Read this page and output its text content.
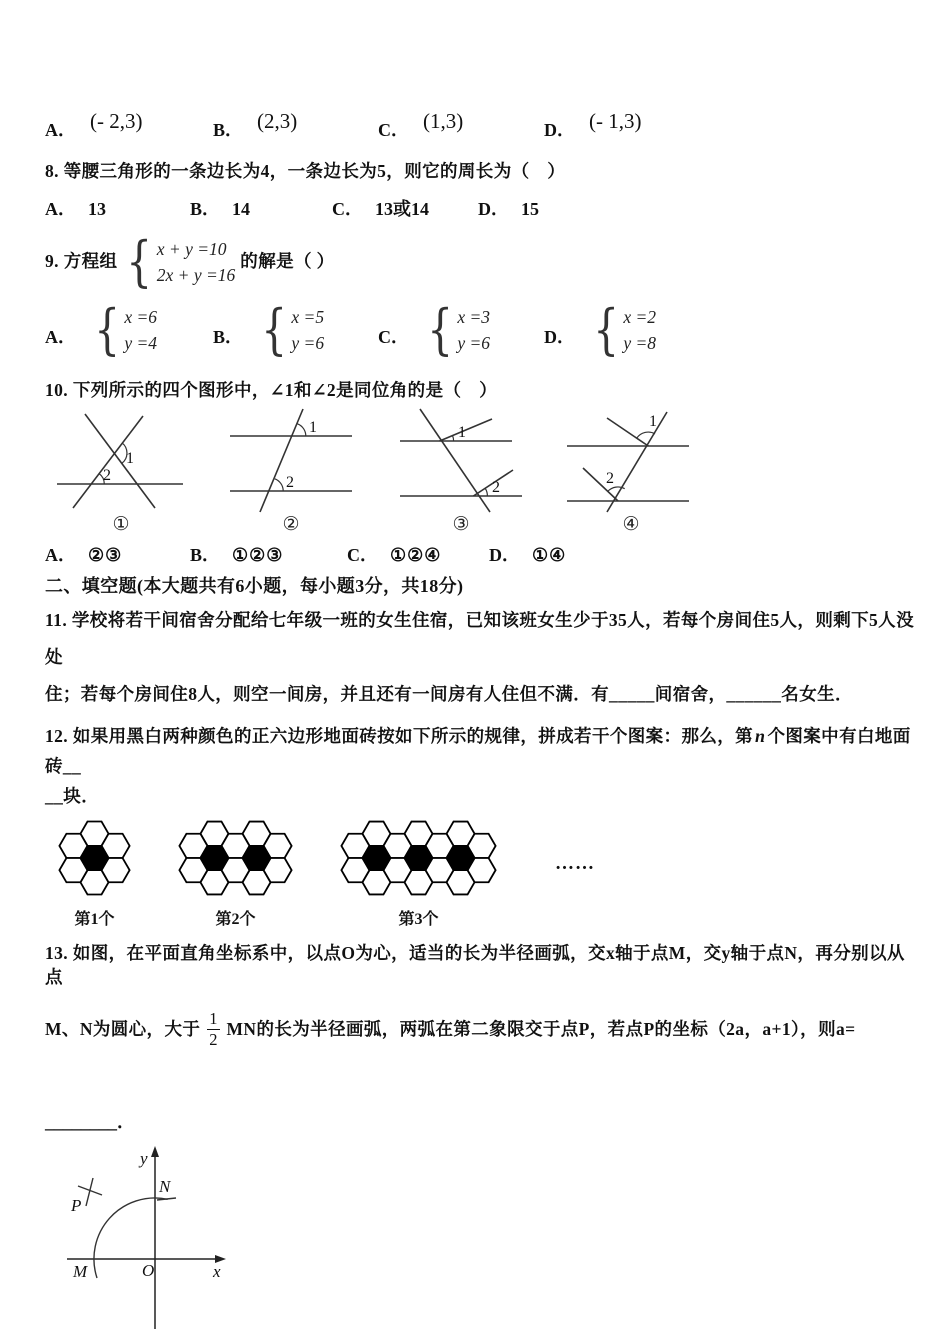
A． (- 2,3)	B． (2,3)	C． (1,3)	D． (- 1,3)
8. 等腰三角形的一条边长为4，一条边长为5，则它的周长为（　）
A． 13	B． 14	C． 13或14	D． 15
9. 方程组 { x + y =10
2x + y =16
的解是（ ）
A． { x =6
y =4	B． { x =5
y =6	C． { x =3
y =6	D． { x =2
y =8
10. 下列所示的四个图形中，∠1和∠2是同位角的是（　）
1
2
①
1
2
②
1
2
③
1
2
④
A． ②③	B． ①②③	C． ①②④	D． ①④
二、填空题(本大题共有6小题，每小题3分，共18分)
11. 学校将若干间宿舍分配给七年级一班的女生住宿，已知该班女生少于35人，若每个房间住5人，则剩下5人没处
住；若每个房间住8人，则空一间房，并且还有一间房有人住但不满．有_____间宿舍，______名女生．
12. 如果用黑白两种颜色的正六边形地面砖按如下所示的规律，拼成若干个图案：那么，第 n 个图案中有白地面砖__
__块．
第1个	第2个	第3个
……
13. 如图，在平面直角坐标系中，以点O为心，适当的长为半径画弧，交x轴于点M，交y轴于点N，再分别以从点
M、N为圆心，大于 $\frac{1}{2}$ MN的长为半径画弧，两弧在第二象限交于点P，若点P的坐标（2a，a+1），则a=
________．
y
N
P
M	O	x
